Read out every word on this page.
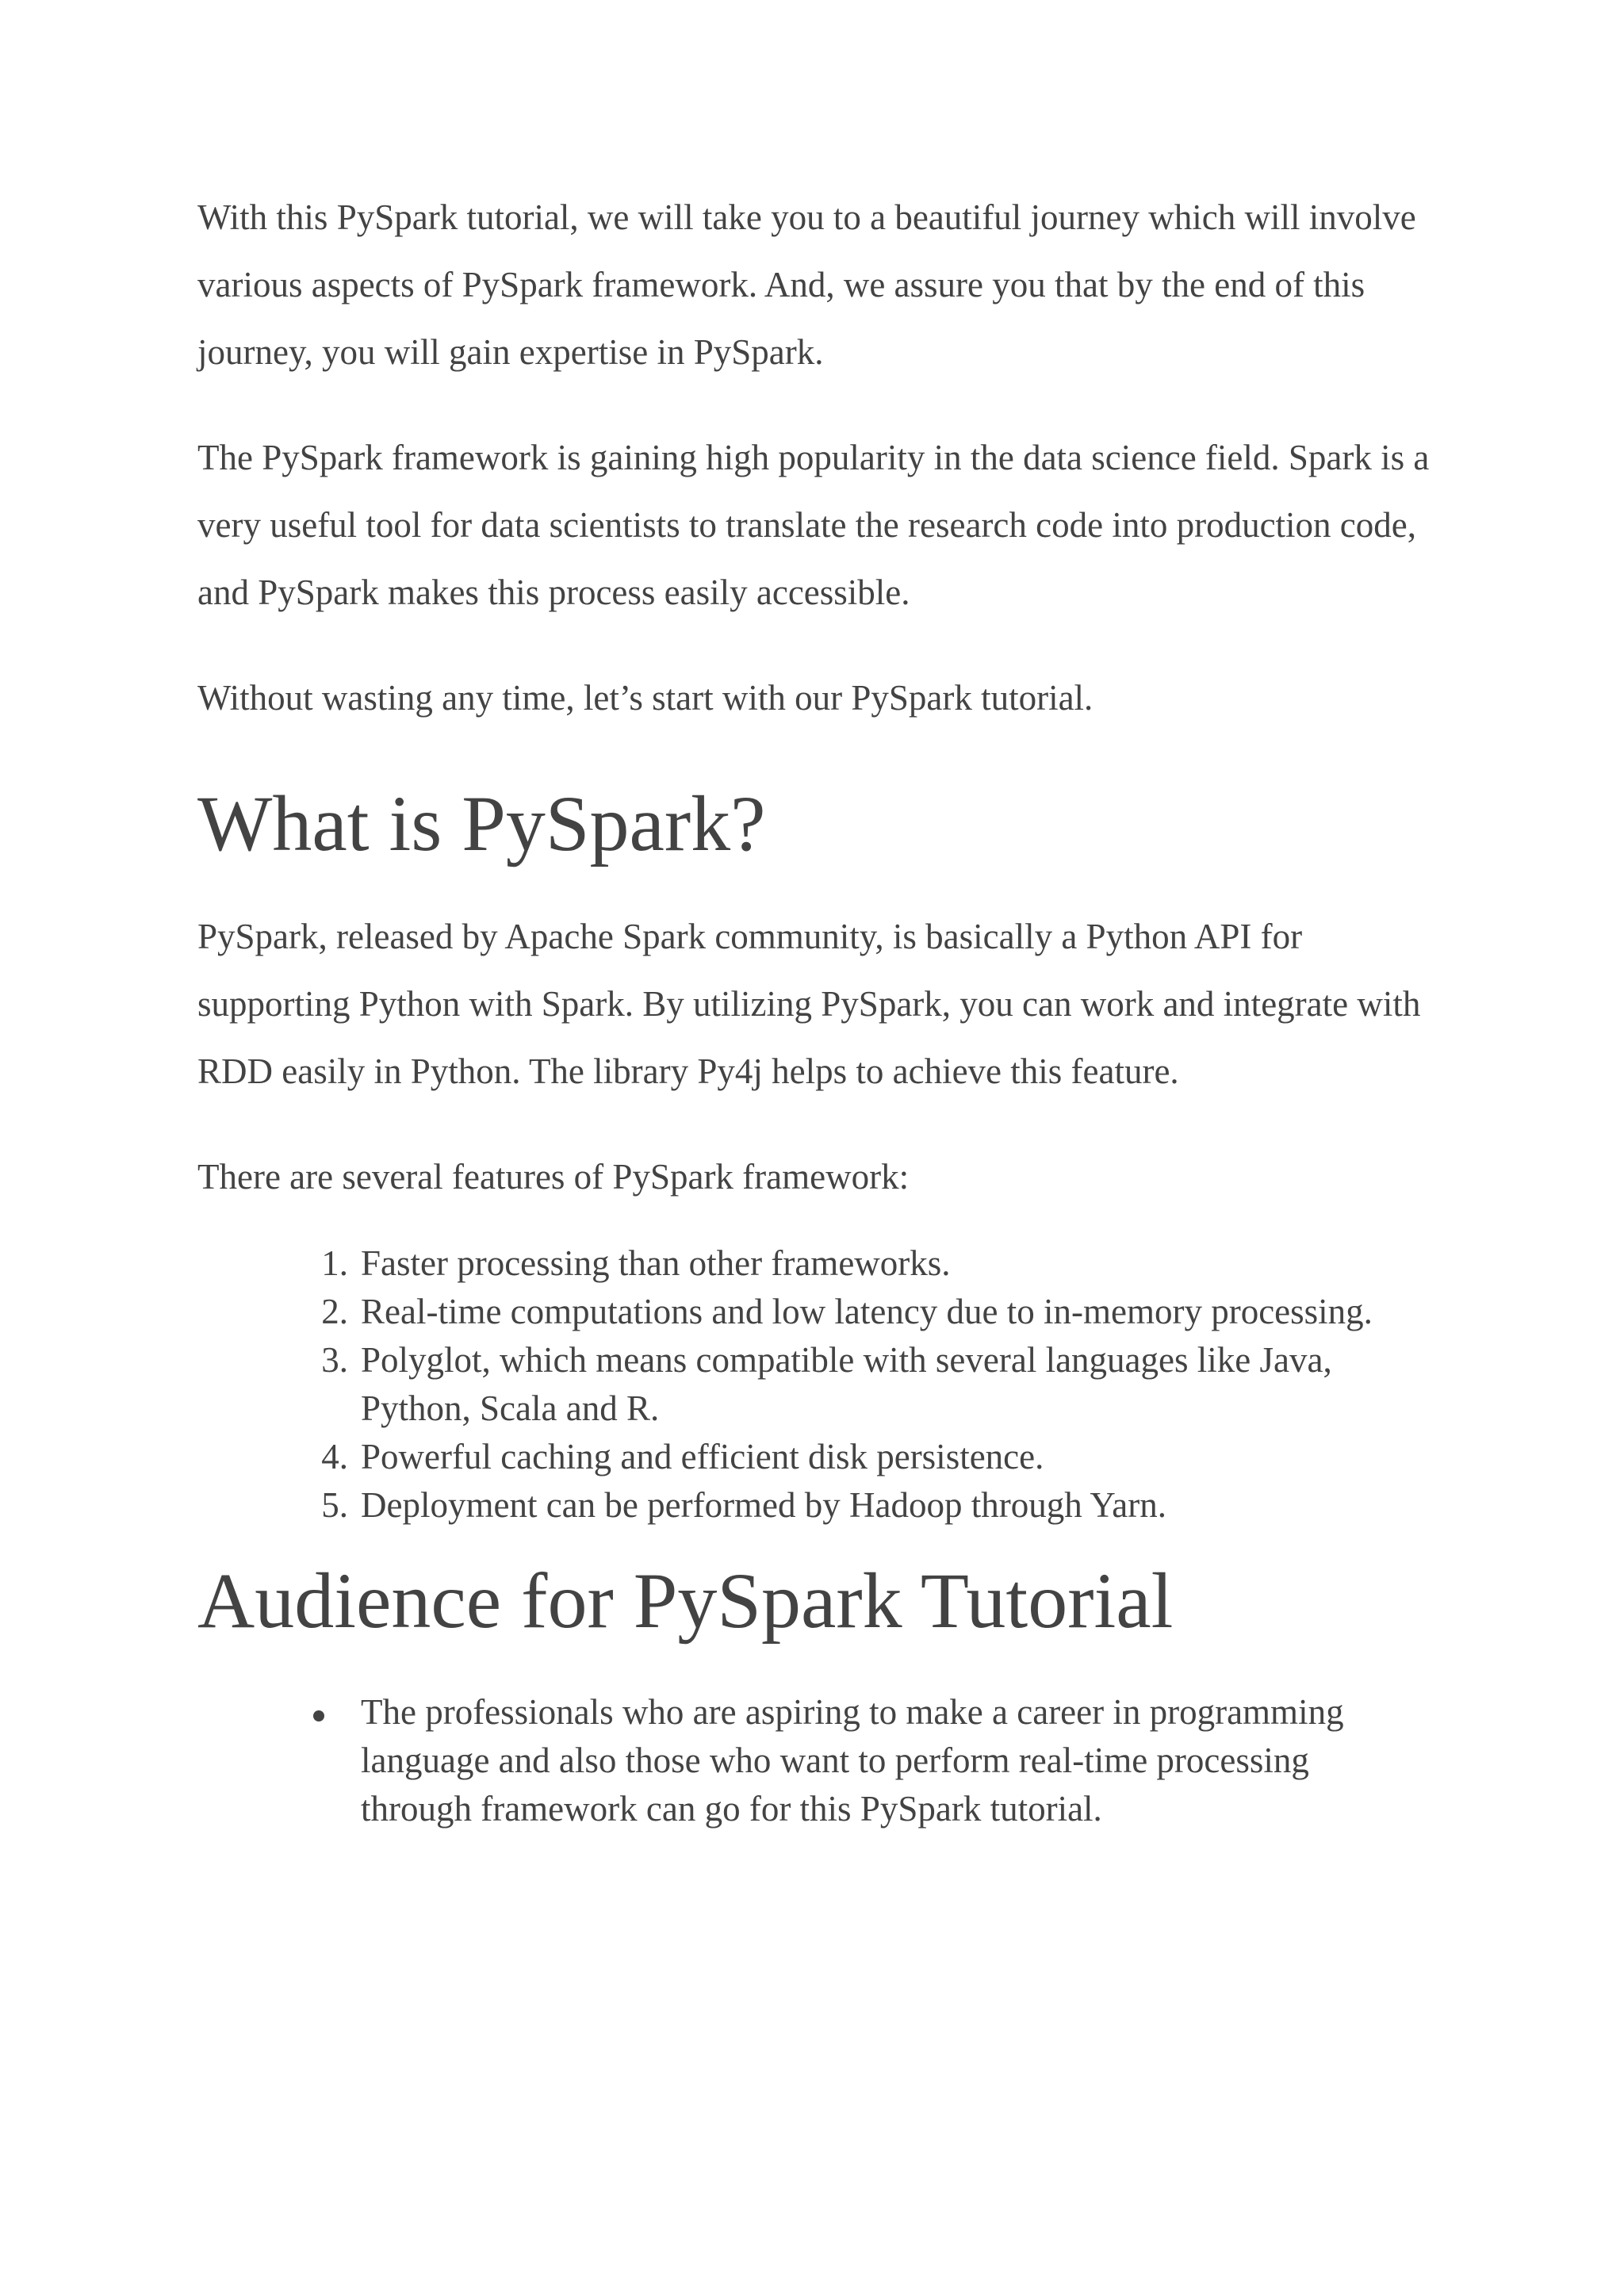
With this PySpark tutorial, we will take you to a beautiful journey which will involve various aspects of PySpark framework. And, we assure you that by the end of this journey, you will gain expertise in PySpark.

The PySpark framework is gaining high popularity in the data science field. Spark is a very useful tool for data scientists to translate the research code into production code, and PySpark makes this process easily accessible.

Without wasting any time, let’s start with our PySpark tutorial.

What is PySpark?

PySpark, released by Apache Spark community, is basically a Python API for supporting Python with Spark. By utilizing PySpark, you can work and integrate with RDD easily in Python. The library Py4j helps to achieve this feature.

There are several features of PySpark framework:

1. Faster processing than other frameworks.
2. Real-time computations and low latency due to in-memory processing.
3. Polyglot, which means compatible with several languages like Java, Python, Scala and R.
4. Powerful caching and efficient disk persistence.
5. Deployment can be performed by Hadoop through Yarn.
Audience for PySpark Tutorial
The professionals who are aspiring to make a career in programming language and also those who want to perform real-time processing through framework can go for this PySpark tutorial.
